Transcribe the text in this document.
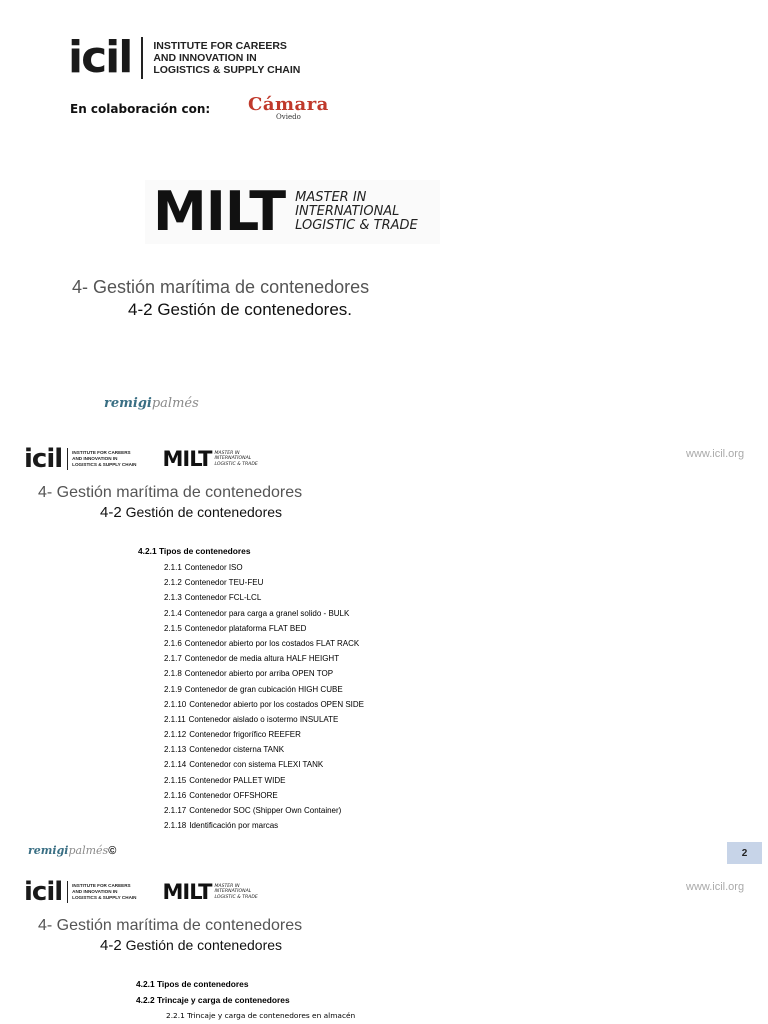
icil INSTITUTE FOR CAREERS
AND INNOVATION IN
LOGISTICS & SUPPLY CHAIN
En colaboración con: Cámara
Oviedo
MILT MASTER IN
INTERNATIONAL
LOGISTIC & TRADE
4- Gestión marítima de contenedores
4-2 Gestión de contenedores.
remigipalmés
icil INSTITUTE FOR CAREERS
AND INNOVATION IN
LOGISTICS & SUPPLY CHAIN MILT MASTER IN
INTERNATIONAL
LOGISTIC & TRADE
www.icil.org
4- Gestión marítima de contenedores
4-2 Gestión de contenedores
4.2.1 Tipos de contenedores
2.1.1 Contenedor ISO
2.1.2 Contenedor TEU-FEU
2.1.3 Contenedor FCL-LCL
2.1.4 Contenedor para carga a granel solido - BULK
2.1.5 Contenedor plataforma FLAT BED
2.1.6 Contenedor abierto por los costados FLAT RACK
2.1.7 Contenedor de media altura HALF HEIGHT
2.1.8 Contenedor abierto por arriba OPEN TOP
2.1.9 Contenedor de gran cubicación HIGH CUBE
2.1.10 Contenedor abierto por los costados OPEN SIDE
2.1.11 Contenedor aislado o isotermo INSULATE
2.1.12 Contenedor frigorífico REEFER
2.1.13 Contenedor cisterna TANK
2.1.14 Contenedor con sistema FLEXI TANK
2.1.15 Contenedor PALLET WIDE
2.1.16 Contenedor OFFSHORE
2.1.17 Contenedor SOC (Shipper Own Container)
2.1.18 Identificación por marcas
remigipalmés©	2
icil INSTITUTE FOR CAREERS
AND INNOVATION IN
LOGISTICS & SUPPLY CHAIN MILT MASTER IN
INTERNATIONAL
LOGISTIC & TRADE
www.icil.org
4- Gestión marítima de contenedores
4-2 Gestión de contenedores
4.2.1 Tipos de contenedores
4.2.2 Trincaje y carga de contenedores
2.2.1 Trincaje y carga de contenedores en almacén
